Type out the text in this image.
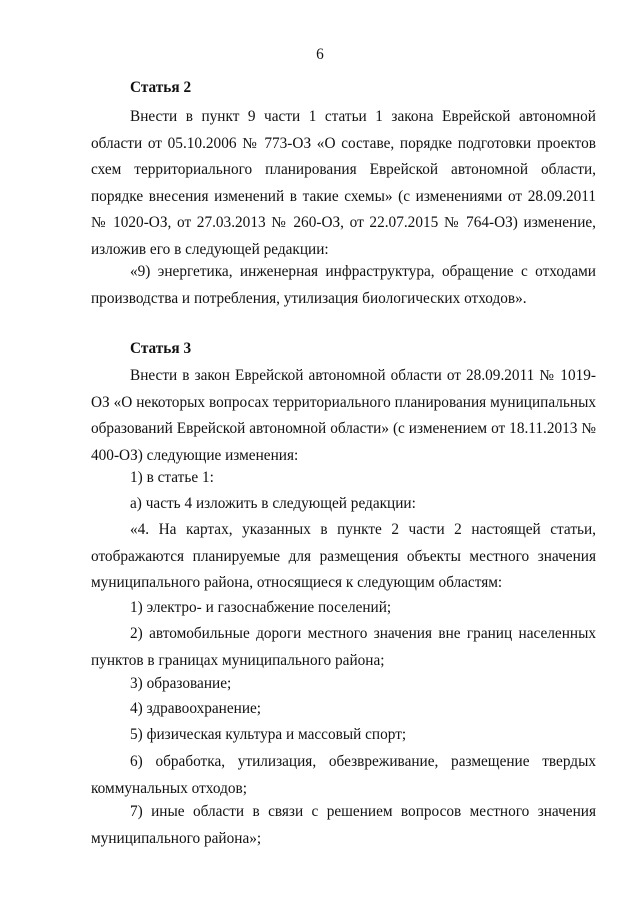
6
Статья 2
Внести в пункт 9 части 1 статьи 1 закона Еврейской автономной области от 05.10.2006 № 773-ОЗ «О составе, порядке подготовки проектов схем территориального планирования Еврейской автономной области, порядке внесения изменений в такие схемы» (с изменениями от 28.09.2011 № 1020-ОЗ, от 27.03.2013 № 260-ОЗ, от 22.07.2015 № 764-ОЗ) изменение, изложив его в следующей редакции:
«9) энергетика, инженерная инфраструктура, обращение с отходами производства и потребления, утилизация биологических отходов».
Статья 3
Внести в закон Еврейской автономной области от 28.09.2011 № 1019-ОЗ «О некоторых вопросах территориального планирования муниципальных образований Еврейской автономной области» (с изменением от 18.11.2013 № 400-ОЗ) следующие изменения:
1) в статье 1:
а) часть 4 изложить в следующей редакции:
«4. На картах, указанных в пункте 2 части 2 настоящей статьи, отображаются планируемые для размещения объекты местного значения муниципального района, относящиеся к следующим областям:
1) электро- и газоснабжение поселений;
2) автомобильные дороги местного значения вне границ населенных пунктов в границах муниципального района;
3) образование;
4) здравоохранение;
5) физическая культура и массовый спорт;
6) обработка, утилизация, обезвреживание, размещение твердых коммунальных отходов;
7) иные области в связи с решением вопросов местного значения муниципального района»;
